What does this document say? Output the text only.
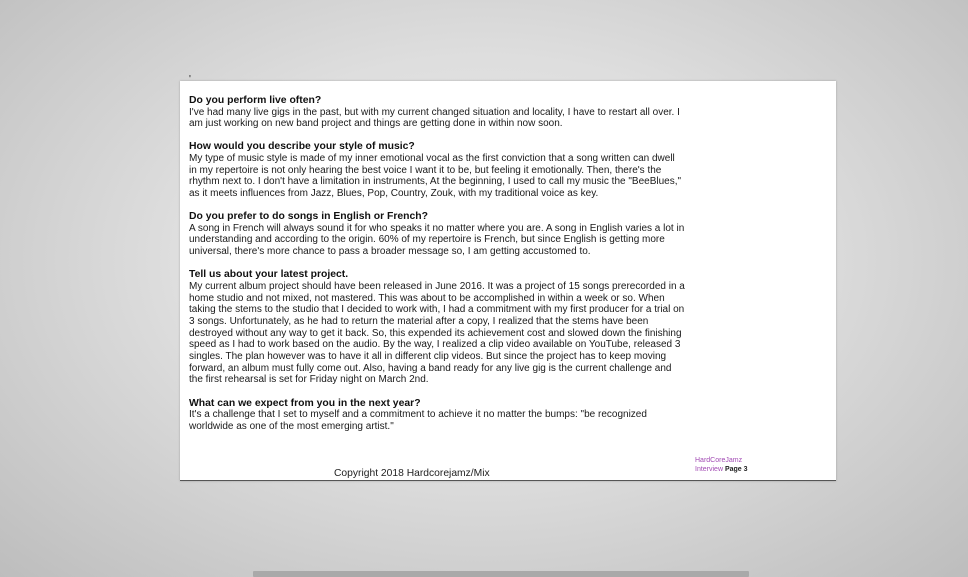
'
Do you perform live often?

I've had many live gigs in the past, but with my current changed situation and locality, I have to restart all over. I am just working on new band project and things are getting done in within now soon.

How would you describe your style of music?

My type of music style is made of my inner emotional vocal as the first conviction that a song written can dwell in my repertoire is not only hearing the best voice I want it to be, but feeling it emotionally. Then, there's the rhythm next to. I don't have a limitation in instruments, At the beginning, I used to call my music the "BeeBlues," as it meets influences from Jazz, Blues, Pop, Country, Zouk, with my traditional voice as key.

Do you prefer to do songs in English or French?

A song in French will always sound it for who speaks it no matter where you are. A song in English varies a lot in understanding and according to the origin. 60% of my repertoire is French, but since English is getting more universal, there's more chance to pass a broader message so, I am getting accustomed to.

Tell us about your latest project.

My current album project should have been released in June 2016. It was a project of 15 songs prerecorded in a home studio and not mixed, not mastered. This was about to be accomplished in within a week or so. When taking the stems to the studio that I decided to work with, I had a commitment with my first producer for a trial on 3 songs. Unfortunately, as he had to return the material after a copy, I realized that the stems have been destroyed without any way to get it back. So, this expended its achievement cost and slowed down the finishing speed as I had to work based on the audio. By the way, I realized a clip video available on YouTube, released 3 singles. The plan however was to have it all in different clip videos. But since the project has to keep moving forward, an album must fully come out. Also, having a band ready for any live gig is the current challenge and the first rehearsal is set for Friday night on March 2nd.

What can we expect from you in the next year?

It's a challenge that I set to myself and a commitment to achieve it no matter the bumps: "be recognized worldwide as one of the most emerging artist."

Copyright 2018 Hardcorejamz/Mix
HardCoreJamz
Interview Page 3
